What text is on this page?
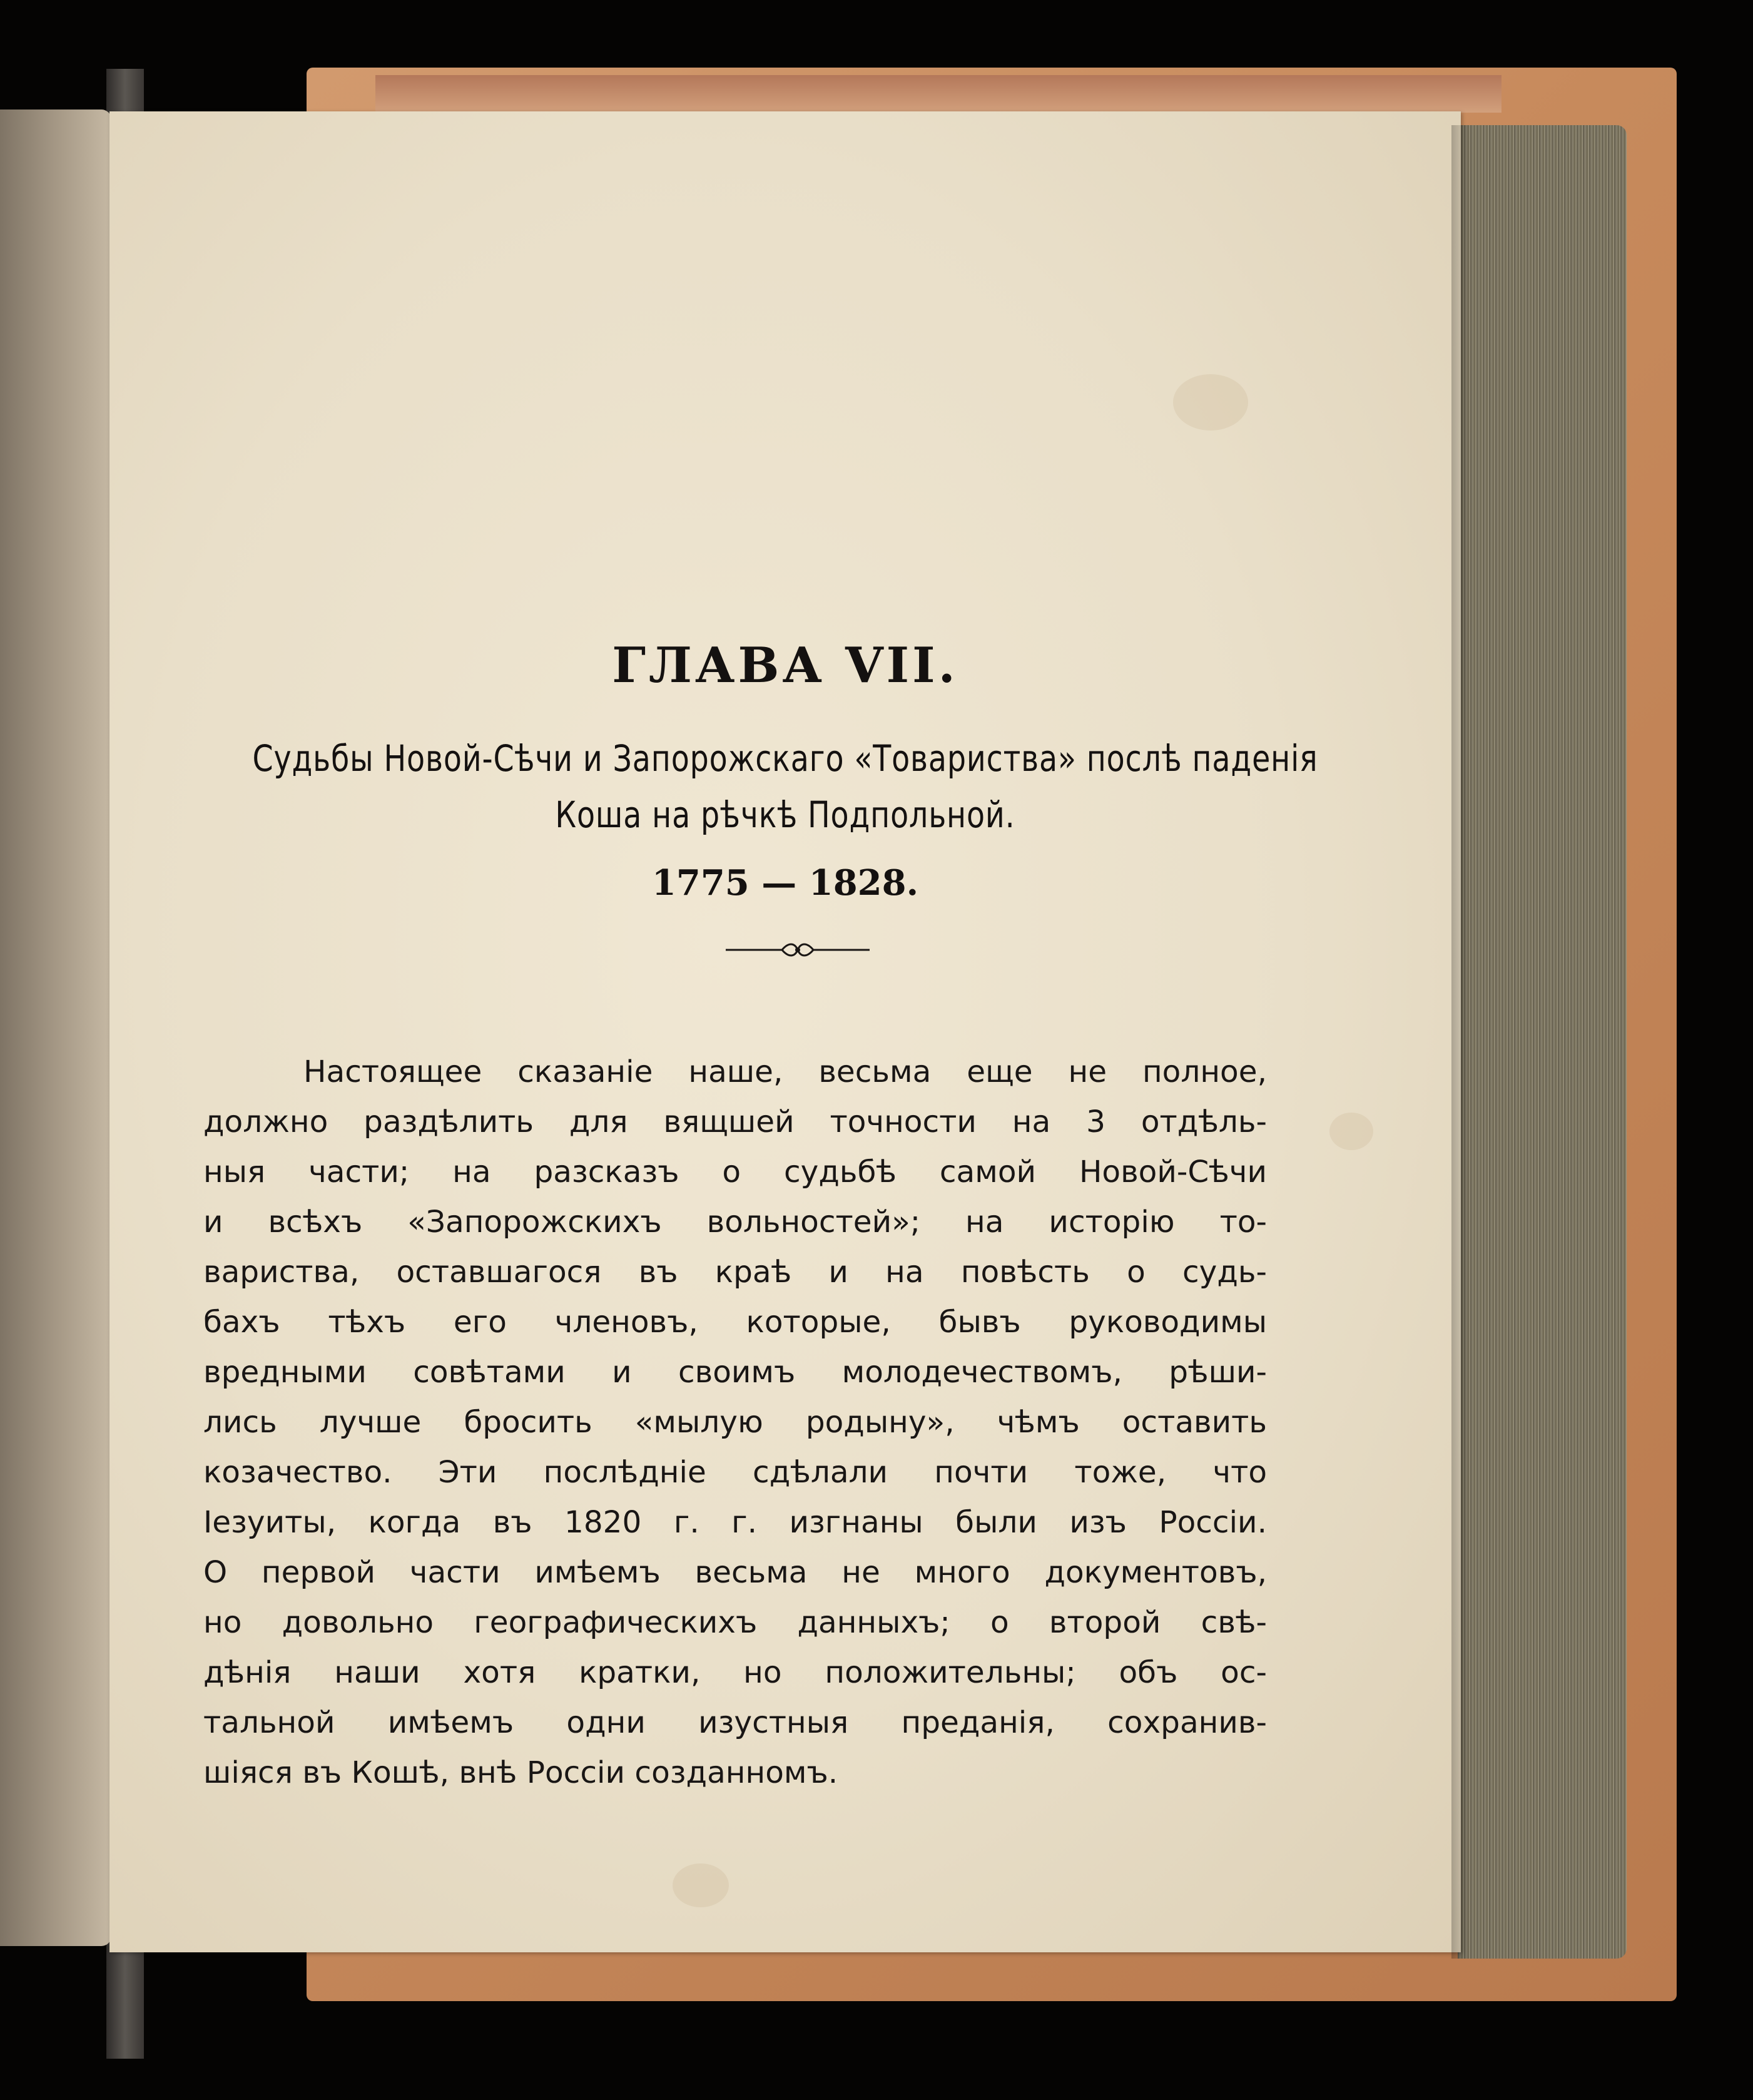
ГЛАВА VII.
Судьбы Новой-Сѣчи и Запорожскаго «Товариства» послѣ паденія
Коша на рѣчкѣ Подпольной.
1775 — 1828.
Настоящее сказаніе наше, весьма еще не полное,
должно раздѣлить для вящшей точности на 3 отдѣль-
ныя части; на разсказъ о судьбѣ самой Новой-Сѣчи
и всѣхъ «Запорожскихъ вольностей»; на исторію то-
вариства, оставшагося въ краѣ и на повѣсть о судь-
бахъ тѣхъ его членовъ, которые, бывъ руководимы
вредными совѣтами и своимъ молодечествомъ, рѣши-
лись лучше бросить «мылую родыну», чѣмъ оставить
козачество. Эти послѣдніе сдѣлали почти тоже, что
Іезуиты, когда въ 1820 г. г. изгнаны были изъ Россіи.
О первой части имѣемъ весьма не много документовъ,
но довольно географическихъ данныхъ; о второй свѣ-
дѣнія наши хотя кратки, но положительны; объ ос-
тальной имѣемъ одни изустныя преданія, сохранив-
шіяся въ Кошѣ, внѣ Россіи созданномъ.
